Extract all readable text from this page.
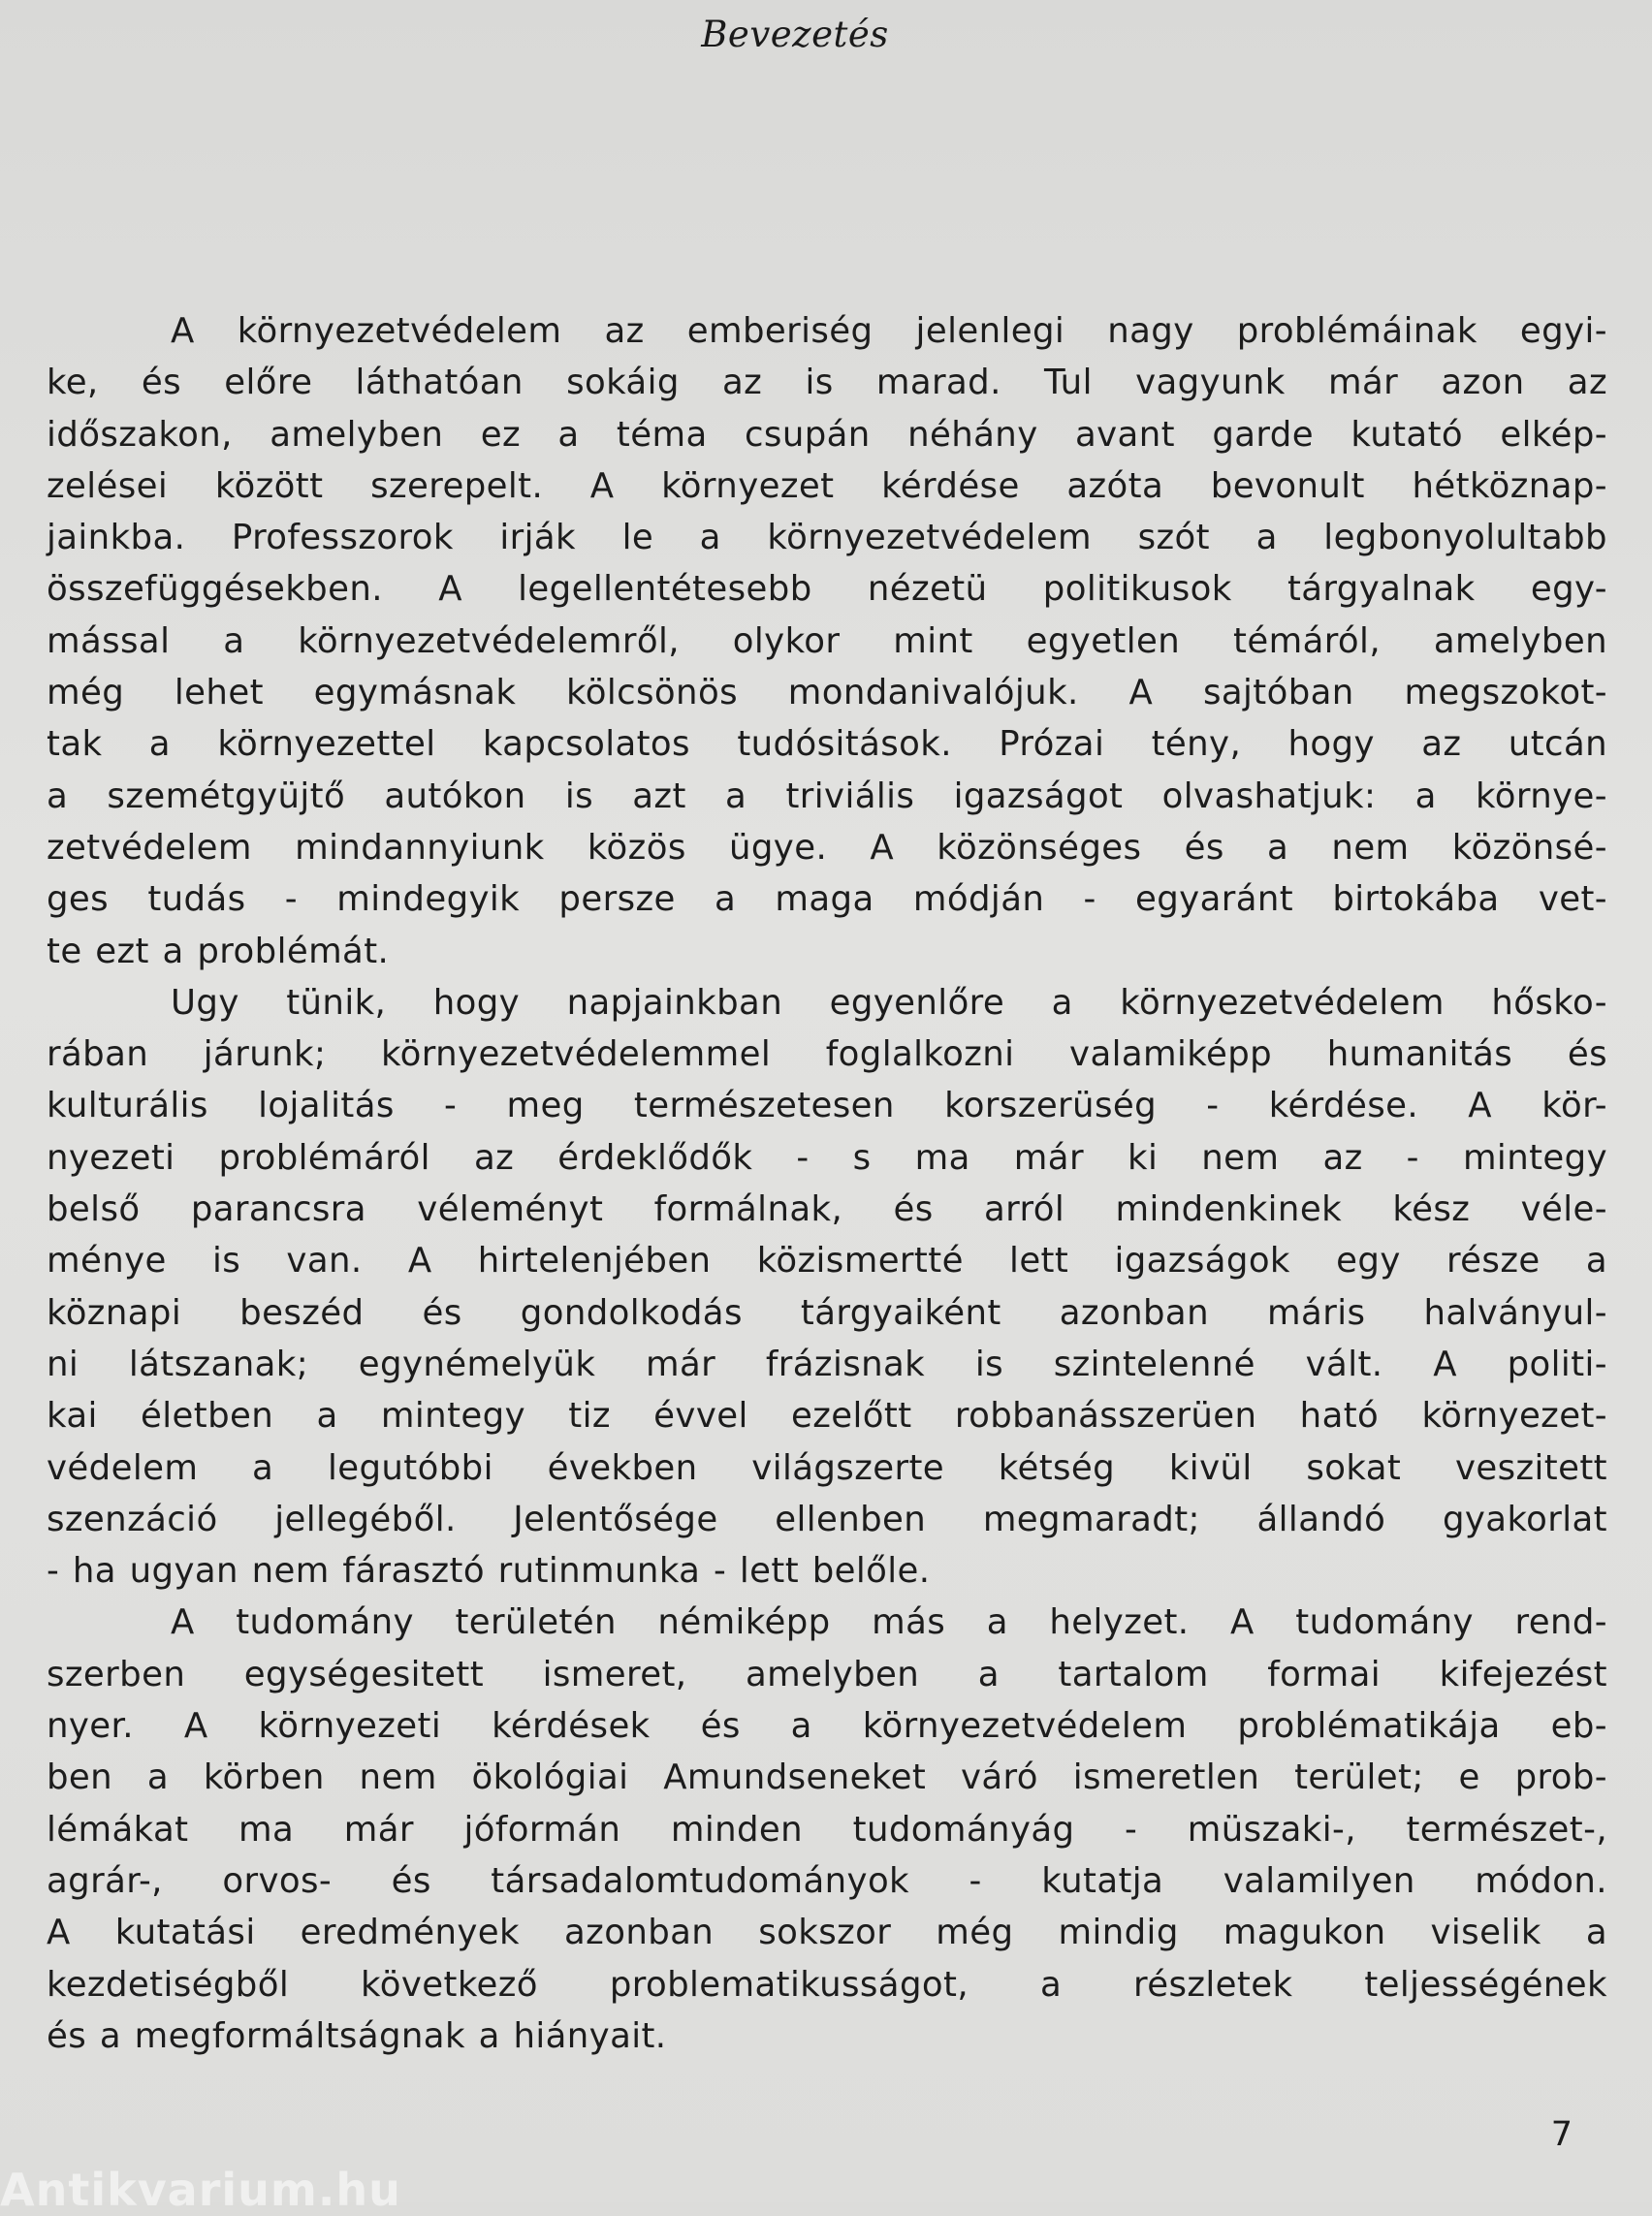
Bevezetés
A környezetvédelem az emberiség jelenlegi nagy problémáinak egyi-
ke, és előre láthatóan sokáig az is marad. Tul vagyunk már azon az
időszakon, amelyben ez a téma csupán néhány avant garde kutató elkép-
zelései között szerepelt. A környezet kérdése azóta bevonult hétköznap-
jainkba. Professzorok irják le a környezetvédelem szót a legbonyolultabb
összefüggésekben. A legellentétesebb nézetü politikusok tárgyalnak egy-
mással a környezetvédelemről, olykor mint egyetlen témáról, amelyben
még lehet egymásnak kölcsönös mondanivalójuk. A sajtóban megszokot-
tak a környezettel kapcsolatos tudósitások. Prózai tény, hogy az utcán
a szemétgyüjtő autókon is azt a triviális igazságot olvashatjuk: a környe-
zetvédelem mindannyiunk közös ügye. A közönséges és a nem közönsé-
ges tudás - mindegyik persze a maga módján - egyaránt birtokába vet-
te ezt a problémát.
Ugy tünik, hogy napjainkban egyenlőre a környezetvédelem hősko-
rában járunk; környezetvédelemmel foglalkozni valamiképp humanitás és
kulturális lojalitás - meg természetesen korszerüség - kérdése. A kör-
nyezeti problémáról az érdeklődők - s ma már ki nem az - mintegy
belső parancsra véleményt formálnak, és arról mindenkinek kész véle-
ménye is van. A hirtelenjében közismertté lett igazságok egy része a
köznapi beszéd és gondolkodás tárgyaiként azonban máris halványul-
ni látszanak; egynémelyük már frázisnak is szintelenné vált. A politi-
kai életben a mintegy tiz évvel ezelőtt robbanásszerüen ható környezet-
védelem a legutóbbi években világszerte kétség kivül sokat veszitett
szenzáció jellegéből. Jelentősége ellenben megmaradt; állandó gyakorlat
- ha ugyan nem fárasztó rutinmunka - lett belőle.
A tudomány területén némiképp más a helyzet. A tudomány rend-
szerben egységesitett ismeret, amelyben a tartalom formai kifejezést
nyer. A környezeti kérdések és a környezetvédelem problématikája eb-
ben a körben nem ökológiai Amundseneket váró ismeretlen terület; e prob-
lémákat ma már jóformán minden tudományág - müszaki-, természet-,
agrár-, orvos- és társadalomtudományok - kutatja valamilyen módon.
A kutatási eredmények azonban sokszor még mindig magukon viselik a
kezdetiségből következő problematikusságot, a részletek teljességének
és a megformáltságnak a hiányait.
7
Antikvarium.hu
